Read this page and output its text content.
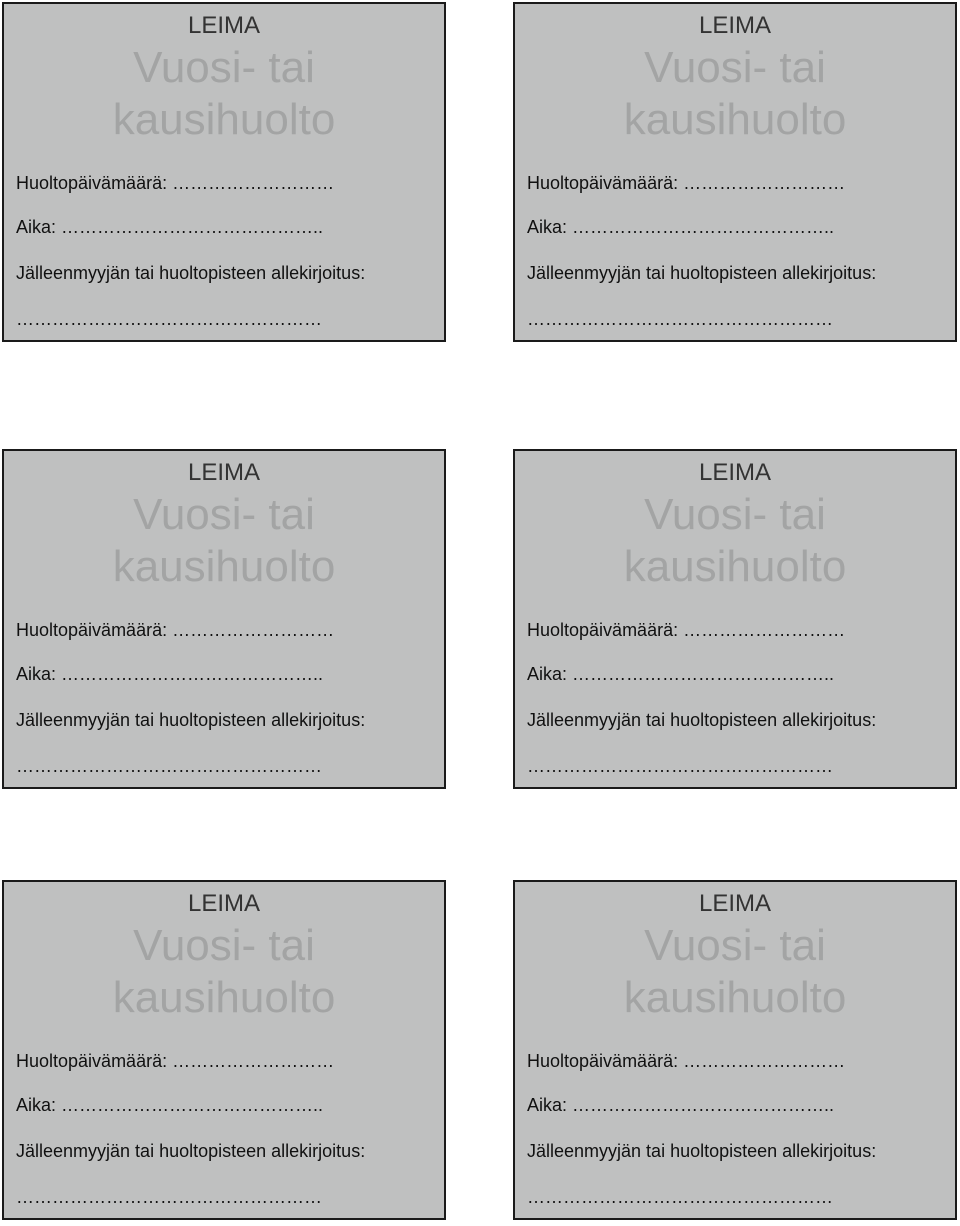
LEIMA
Vuosi- tai
kausihuolto
Huoltopäivämäärä: ………………………
Aika: ……………………………………..
Jälleenmyyjän tai huoltopisteen allekirjoitus:
……………………………………………
LEIMA
Vuosi- tai
kausihuolto
Huoltopäivämäärä: ………………………
Aika: ……………………………………..
Jälleenmyyjän tai huoltopisteen allekirjoitus:
……………………………………………
LEIMA
Vuosi- tai
kausihuolto
Huoltopäivämäärä: ………………………
Aika: ……………………………………..
Jälleenmyyjän tai huoltopisteen allekirjoitus:
……………………………………………
LEIMA
Vuosi- tai
kausihuolto
Huoltopäivämäärä: ………………………
Aika: ……………………………………..
Jälleenmyyjän tai huoltopisteen allekirjoitus:
……………………………………………
LEIMA
Vuosi- tai
kausihuolto
Huoltopäivämäärä: ………………………
Aika: ……………………………………..
Jälleenmyyjän tai huoltopisteen allekirjoitus:
……………………………………………
LEIMA
Vuosi- tai
kausihuolto
Huoltopäivämäärä: ………………………
Aika: ……………………………………..
Jälleenmyyjän tai huoltopisteen allekirjoitus:
……………………………………………
